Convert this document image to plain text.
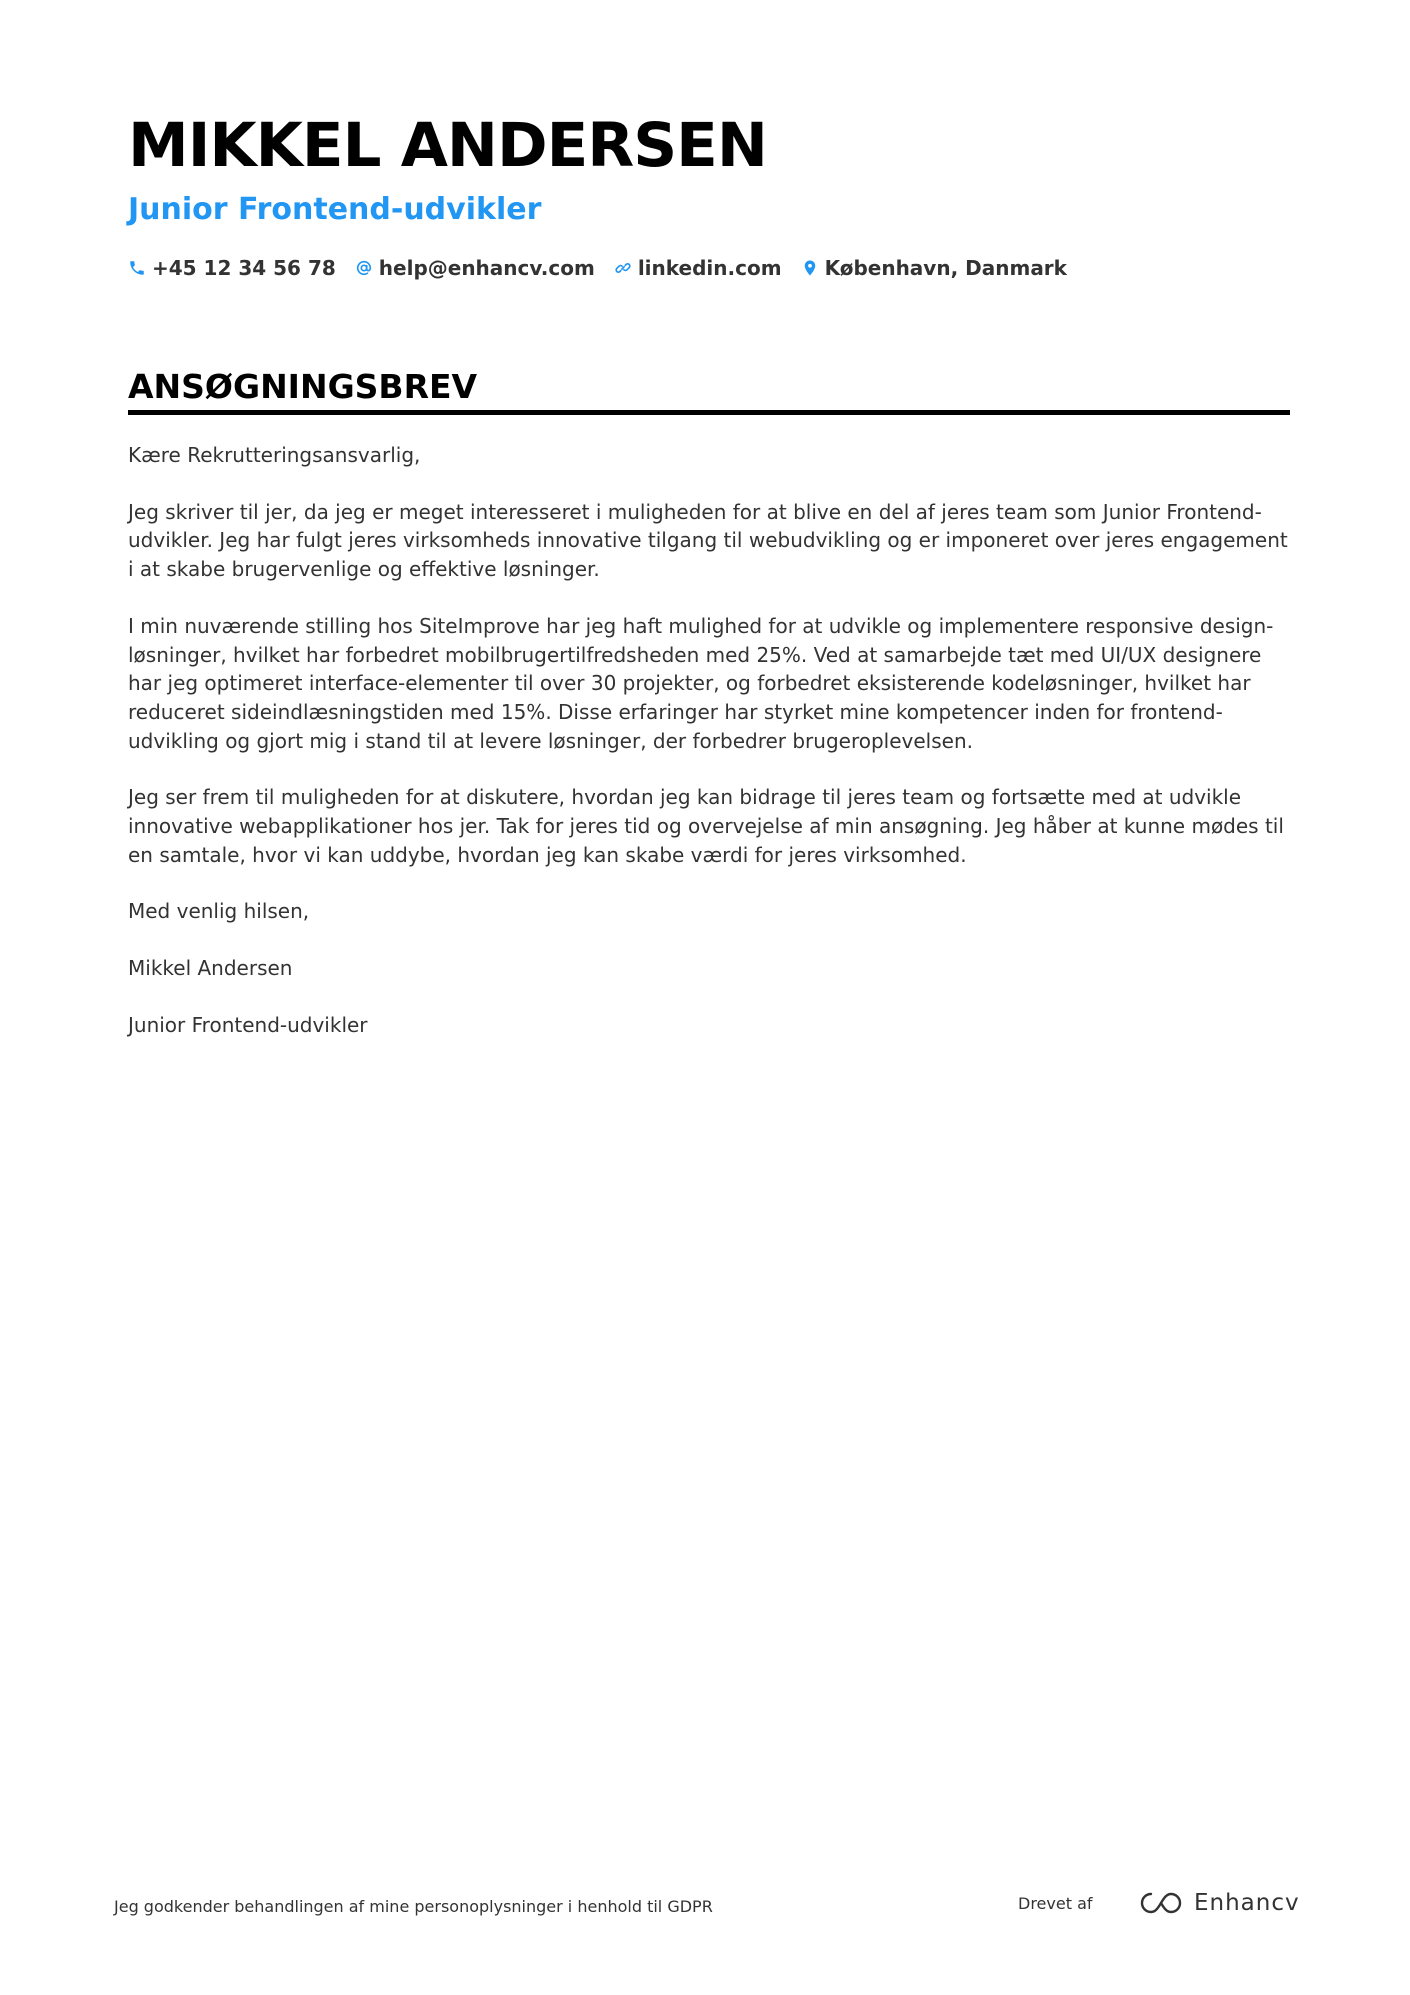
MIKKEL ANDERSEN
Junior Frontend-udvikler
+45 12 34 56 78 help@enhancv.com linkedin.com København, Danmark
ANSØGNINGSBREV

Kære Rekrutteringsansvarlig,

Jeg skriver til jer, da jeg er meget interesseret i muligheden for at blive en del af jeres team som Junior Frontend-udvikler. Jeg har fulgt jeres virksomheds innovative tilgang til webudvikling og er imponeret over jeres engagement i at skabe brugervenlige og effektive løsninger.

I min nuværende stilling hos SiteImprove har jeg haft mulighed for at udvikle og implementere responsive design-løsninger, hvilket har forbedret mobilbrugertilfredsheden med 25%. Ved at samarbejde tæt med UI/UX designere har jeg optimeret interface-elementer til over 30 projekter, og forbedret eksisterende kodeløsninger, hvilket har reduceret sideindlæsningstiden med 15%. Disse erfaringer har styrket mine kompetencer inden for frontend-udvikling og gjort mig i stand til at levere løsninger, der forbedrer brugeroplevelsen.

Jeg ser frem til muligheden for at diskutere, hvordan jeg kan bidrage til jeres team og fortsætte med at udvikle innovative webapplikationer hos jer. Tak for jeres tid og overvejelse af min ansøgning. Jeg håber at kunne mødes til en samtale, hvor vi kan uddybe, hvordan jeg kan skabe værdi for jeres virksomhed.

Med venlig hilsen,

Mikkel Andersen

Junior Frontend-udvikler

Jeg godkender behandlingen af mine personoplysninger i henhold til GDPR	Drevet af	Enhancv
